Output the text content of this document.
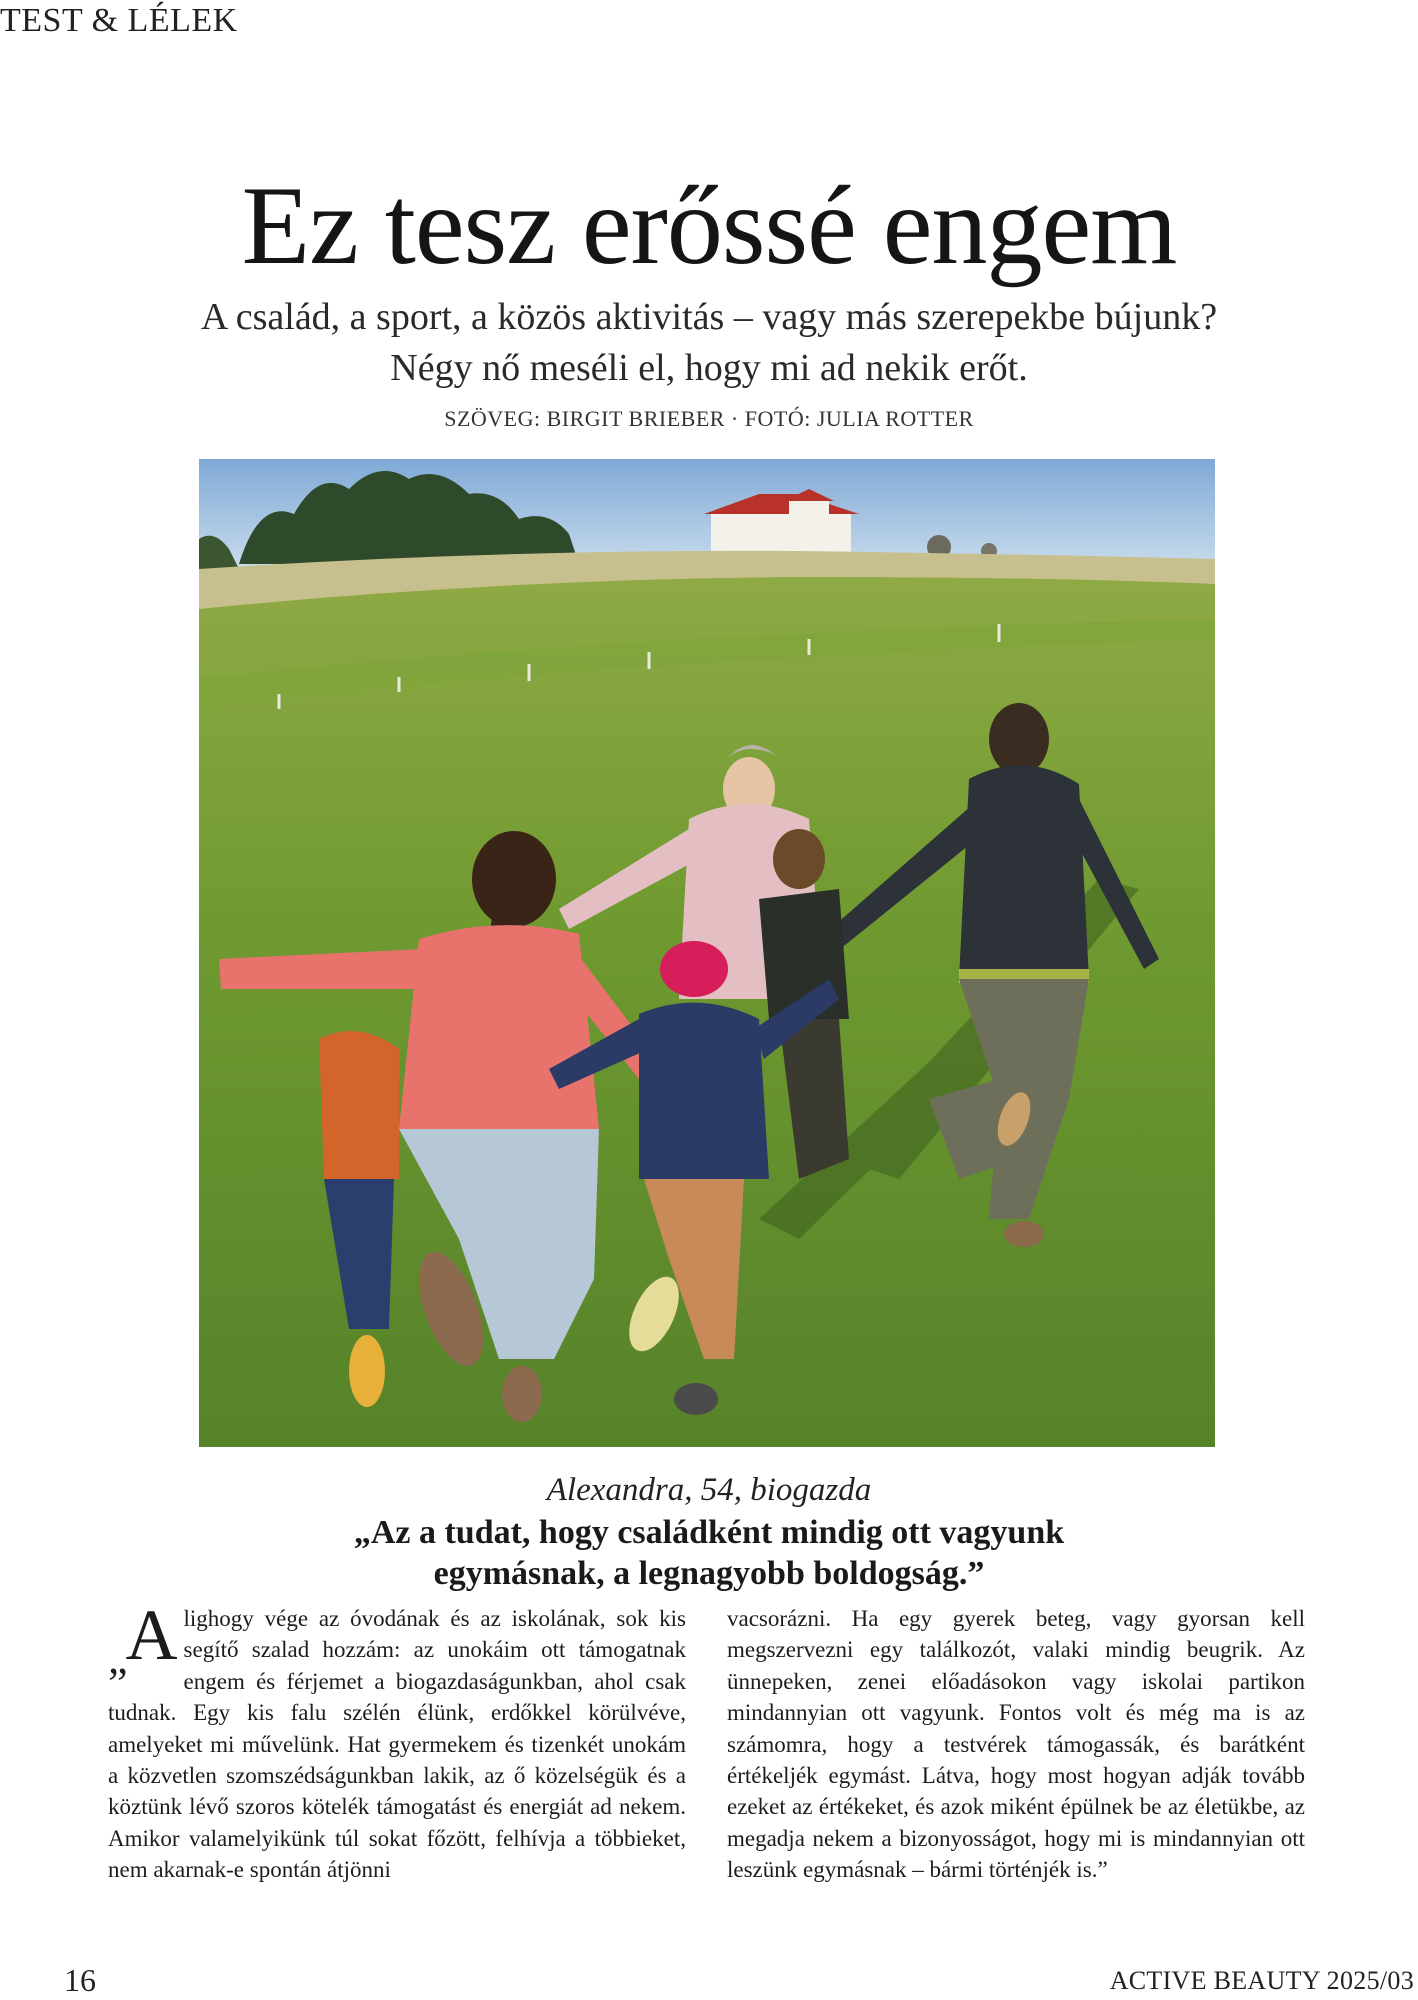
TEST & LÉLEK
Ez tesz erőssé engem
A család, a sport, a közös aktivitás – vagy más szerepekbe bújunk?
Négy nő meséli el, hogy mi ad nekik erőt.
SZÖVEG: BIRGIT BRIEBER · FOTÓ: JULIA ROTTER
Alexandra, 54, biogazda
„Az a tudat, hogy családként mindig ott vagyunk
egymásnak, a legnagyobb boldogság.”
„A lighogy vége az óvodának és az iskolának, sok kis segítő szalad hozzám: az unokáim ott támogatnak engem és férjemet a biogazdaságunkban, ahol csak tudnak. Egy kis falu szélén élünk, erdőkkel körülvéve, amelyeket mi művelünk. Hat gyermekem és tizenkét unokám a közvetlen szomszédságunkban lakik, az ő közelségük és a köztünk lévő szoros kötelék támogatást és energiát ad nekem. Amikor valamelyikünk túl sokat főzött, felhívja a többieket, nem akarnak-e spontán átjönni
vacsorázni. Ha egy gyerek beteg, vagy gyorsan kell megszervezni egy találkozót, valaki mindig beugrik. Az ünnepeken, zenei előadásokon vagy iskolai partikon mindannyian ott vagyunk. Fontos volt és még ma is az számomra, hogy a testvérek támogassák, és barátként értékeljék egymást. Látva, hogy most hogyan adják tovább ezeket az értékeket, és azok miként épülnek be az életükbe, az megadja nekem a bizonyosságot, hogy mi is mindannyian ott leszünk egymásnak – bármi történjék is.”
16	ACTIVE BEAUTY 2025/03
